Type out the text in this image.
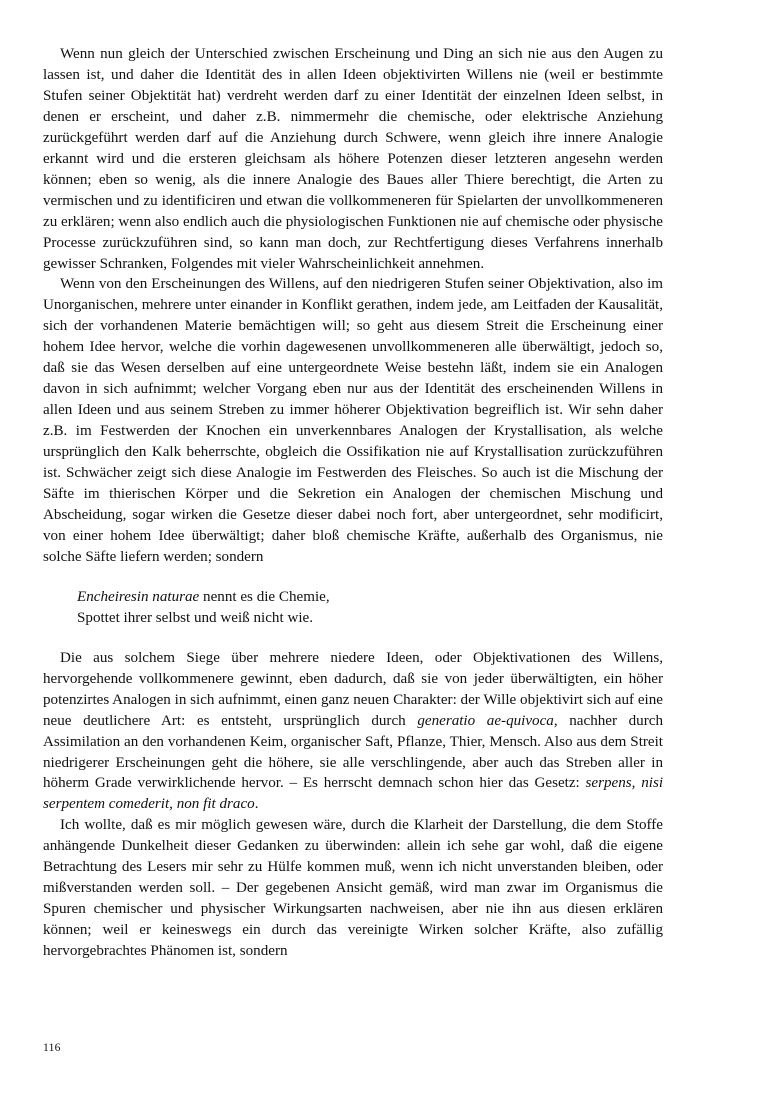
Wenn nun gleich der Unterschied zwischen Erscheinung und Ding an sich nie aus den Augen zu lassen ist, und daher die Identität des in allen Ideen objektivirten Willens nie (weil er bestimmte Stufen seiner Objektität hat) verdreht werden darf zu einer Identität der einzelnen Ideen selbst, in denen er erscheint, und daher z.B. nimmermehr die chemische, oder elektrische Anziehung zurückgeführt werden darf auf die Anziehung durch Schwere, wenn gleich ihre innere Analogie erkannt wird und die ersteren gleichsam als höhere Potenzen dieser letzteren angesehn werden können; eben so wenig, als die innere Analogie des Baues aller Thiere berechtigt, die Arten zu vermischen und zu identificiren und etwan die vollkommeneren für Spielarten der unvollkommeneren zu erklären; wenn also endlich auch die physiologischen Funktionen nie auf chemische oder physische Processe zurückzuführen sind, so kann man doch, zur Rechtfertigung dieses Verfahrens innerhalb gewisser Schranken, Folgendes mit vieler Wahrscheinlichkeit annehmen.

Wenn von den Erscheinungen des Willens, auf den niedrigeren Stufen seiner Objektivation, also im Unorganischen, mehrere unter einander in Konflikt gerathen, indem jede, am Leitfaden der Kausalität, sich der vorhandenen Materie bemächtigen will; so geht aus diesem Streit die Erscheinung einer hohem Idee hervor, welche die vorhin dagewesenen unvollkommeneren alle überwältigt, jedoch so, daß sie das Wesen derselben auf eine untergeordnete Weise bestehn läßt, indem sie ein Analogen davon in sich aufnimmt; welcher Vorgang eben nur aus der Identität des erscheinenden Willens in allen Ideen und aus seinem Streben zu immer höherer Objektivation begreiflich ist. Wir sehn daher z.B. im Festwerden der Knochen ein unverkennbares Analogen der Krystallisation, als welche ursprünglich den Kalk beherrschte, obgleich die Ossifikation nie auf Krystallisation zurückzuführen ist. Schwächer zeigt sich diese Analogie im Festwerden des Fleisches. So auch ist die Mischung der Säfte im thierischen Körper und die Sekretion ein Analogen der chemischen Mischung und Abscheidung, sogar wirken die Gesetze dieser dabei noch fort, aber untergeordnet, sehr modificirt, von einer hohem Idee überwältigt; daher bloß chemische Kräfte, außerhalb des Organismus, nie solche Säfte liefern werden; sondern

Encheiresin naturae nennt es die Chemie,
Spottet ihrer selbst und weiß nicht wie.

Die aus solchem Siege über mehrere niedere Ideen, oder Objektivationen des Willens, hervorgehende vollkommenere gewinnt, eben dadurch, daß sie von jeder überwältigten, ein höher potenzirtes Analogen in sich aufnimmt, einen ganz neuen Charakter: der Wille objektivirt sich auf eine neue deutlichere Art: es entsteht, ursprünglich durch generatio ae-quivoca, nachher durch Assimilation an den vorhandenen Keim, organischer Saft, Pflanze, Thier, Mensch. Also aus dem Streit niedrigerer Erscheinungen geht die höhere, sie alle verschlingende, aber auch das Streben aller in höherm Grade verwirklichende hervor. – Es herrscht demnach schon hier das Gesetz: serpens, nisi serpentem comederit, non fit draco.

Ich wollte, daß es mir möglich gewesen wäre, durch die Klarheit der Darstellung, die dem Stoffe anhängende Dunkelheit dieser Gedanken zu überwinden: allein ich sehe gar wohl, daß die eigene Betrachtung des Lesers mir sehr zu Hülfe kommen muß, wenn ich nicht unverstanden bleiben, oder mißverstanden werden soll. – Der gegebenen Ansicht gemäß, wird man zwar im Organismus die Spuren chemischer und physischer Wirkungsarten nachweisen, aber nie ihn aus diesen erklären können; weil er keineswegs ein durch das vereinigte Wirken solcher Kräfte, also zufällig hervorgebrachtes Phänomen ist, sondern

116
